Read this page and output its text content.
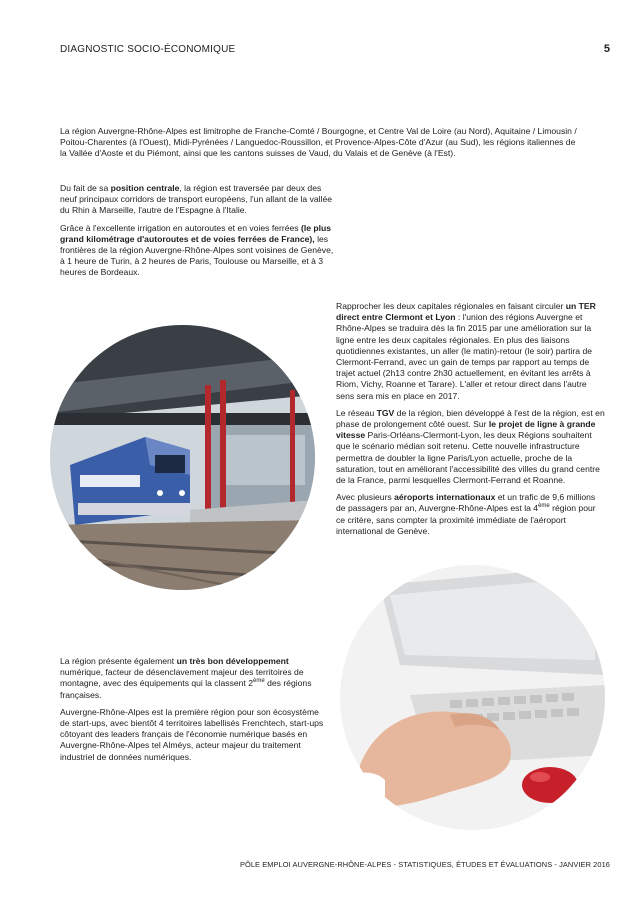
DIAGNOSTIC SOCIO-ÉCONOMIQUE	5

La région Auvergne-Rhône-Alpes est limitrophe de Franche-Comté / Bourgogne, et Centre Val de Loire (au Nord), Aquitaine / Limousin / Poitou-Charentes (à l'Ouest), Midi-Pyrénées / Languedoc-Roussillon, et Provence-Alpes-Côte d'Azur (au Sud), les régions italiennes de la Vallée d'Aoste et du Piémont, ainsi que les cantons suisses de Vaud, du Valais et de Genève (à l'Est).

Du fait de sa position centrale, la région est traversée par deux des neuf principaux corridors de transport européens, l'un allant de la vallée du Rhin à Marseille, l'autre de l'Espagne à l'Italie.

Grâce à l'excellente irrigation en autoroutes et en voies ferrées (le plus grand kilométrage d'autoroutes et de voies ferrées de France), les frontières de la région Auvergne-Rhône-Alpes sont voisines de Genève, à 1 heure de Turin, à 2 heures de Paris, Toulouse ou Marseille, et à 3 heures de Bordeaux.

Rapprocher les deux capitales régionales en faisant circuler un TER direct entre Clermont et Lyon : l'union des régions Auvergne et Rhône-Alpes se traduira dès la fin 2015 par une amélioration sur la ligne entre les deux capitales régionales. En plus des liaisons quotidiennes existantes, un aller (le matin)-retour (le soir) partira de Clermont-Ferrand, avec un gain de temps par rapport au temps de trajet actuel (2h13 contre 2h30 actuellement, en évitant les arrêts à Riom, Vichy, Roanne et Tarare). L'aller et retour direct dans l'autre sens sera mis en place en 2017.

Le réseau TGV de la région, bien développé à l'est de la région, est en phase de prolongement côté ouest. Sur le projet de ligne à grande vitesse Paris-Orléans-Clermont-Lyon, les deux Régions souhaitent que le scénario médian soit retenu. Cette nouvelle infrastructure permettra de doubler la ligne Paris/Lyon actuelle, proche de la saturation, tout en améliorant l'accessibilité des villes du grand centre de la France, parmi lesquelles Clermont-Ferrand et Roanne.

Avec plusieurs aéroports internationaux et un trafic de 9,6 millions de passagers par an, Auvergne-Rhône-Alpes est la 4ème région pour ce critère, sans compter la proximité immédiate de l'aéroport international de Genève.

La région présente également un très bon développement numérique, facteur de désenclavement majeur des territoires de montagne, avec des équipements qui la classent 2ème des régions françaises.

Auvergne-Rhône-Alpes est la première région pour son écosystème de start-ups, avec bientôt 4 territoires labellisés Frenchtech, start-ups côtoyant des leaders français de l'économie numérique basés en Auvergne-Rhône-Alpes tel Alméys, acteur majeur du traitement industriel de données numériques.

PÔLE EMPLOI AUVERGNE-RHÔNE-ALPES - STATISTIQUES, ÉTUDES ET ÉVALUATIONS - JANVIER 2016
